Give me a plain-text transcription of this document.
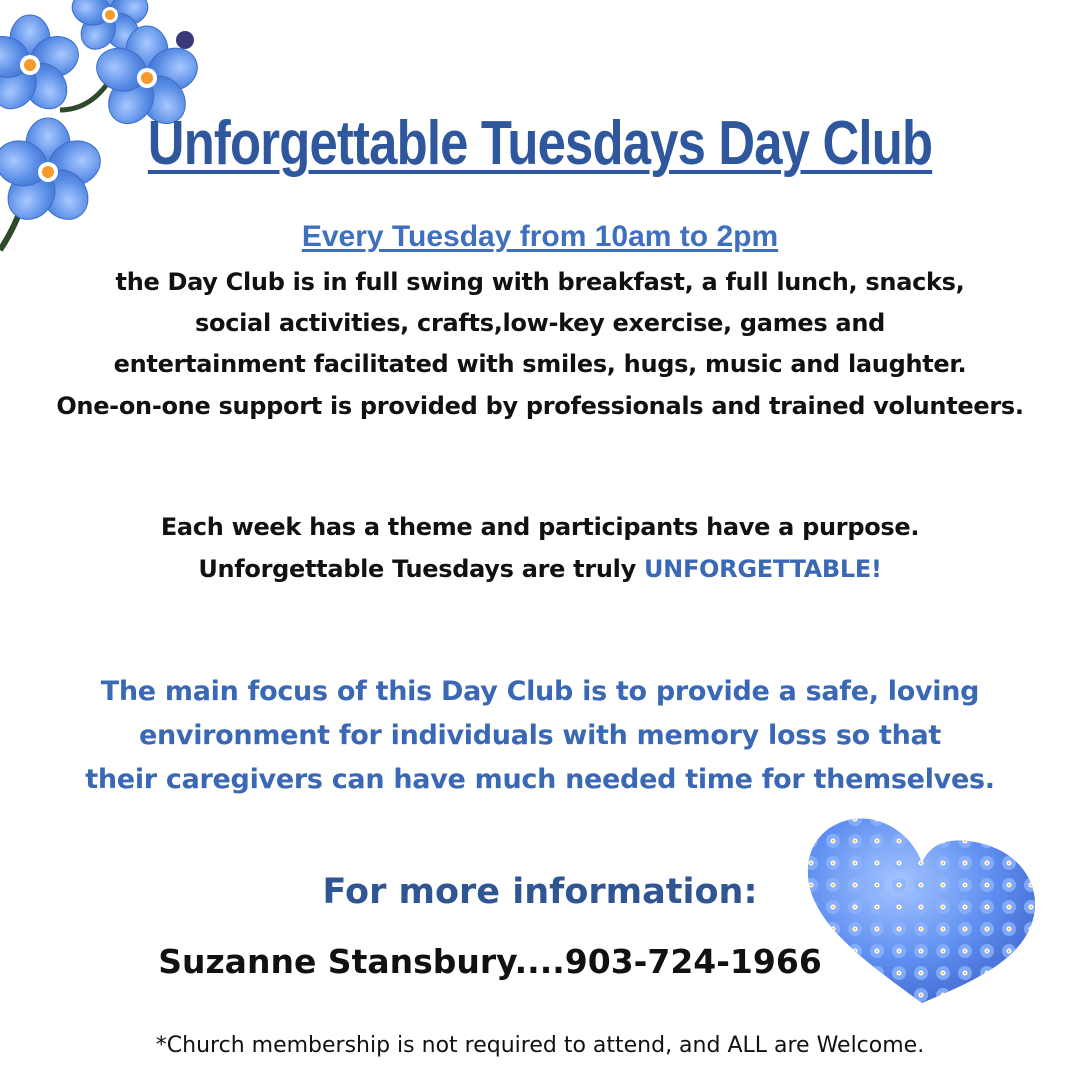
Unforgettable Tuesdays Day Club
Every Tuesday from 10am to 2pm
the Day Club is in full swing with breakfast, a full lunch, snacks,
social activities, crafts,low-key exercise, games and
entertainment facilitated with smiles, hugs, music and laughter.
One-on-one support is provided by professionals and trained volunteers.
Each week has a theme and participants have a purpose.
Unforgettable Tuesdays are truly UNFORGETTABLE!
The main focus of this Day Club is to provide a safe, loving
environment for individuals with memory loss so that
their caregivers can have much needed time for themselves.
For more information:
Suzanne Stansbury....903-724-1966
*Church membership is not required to attend, and ALL are Welcome.
